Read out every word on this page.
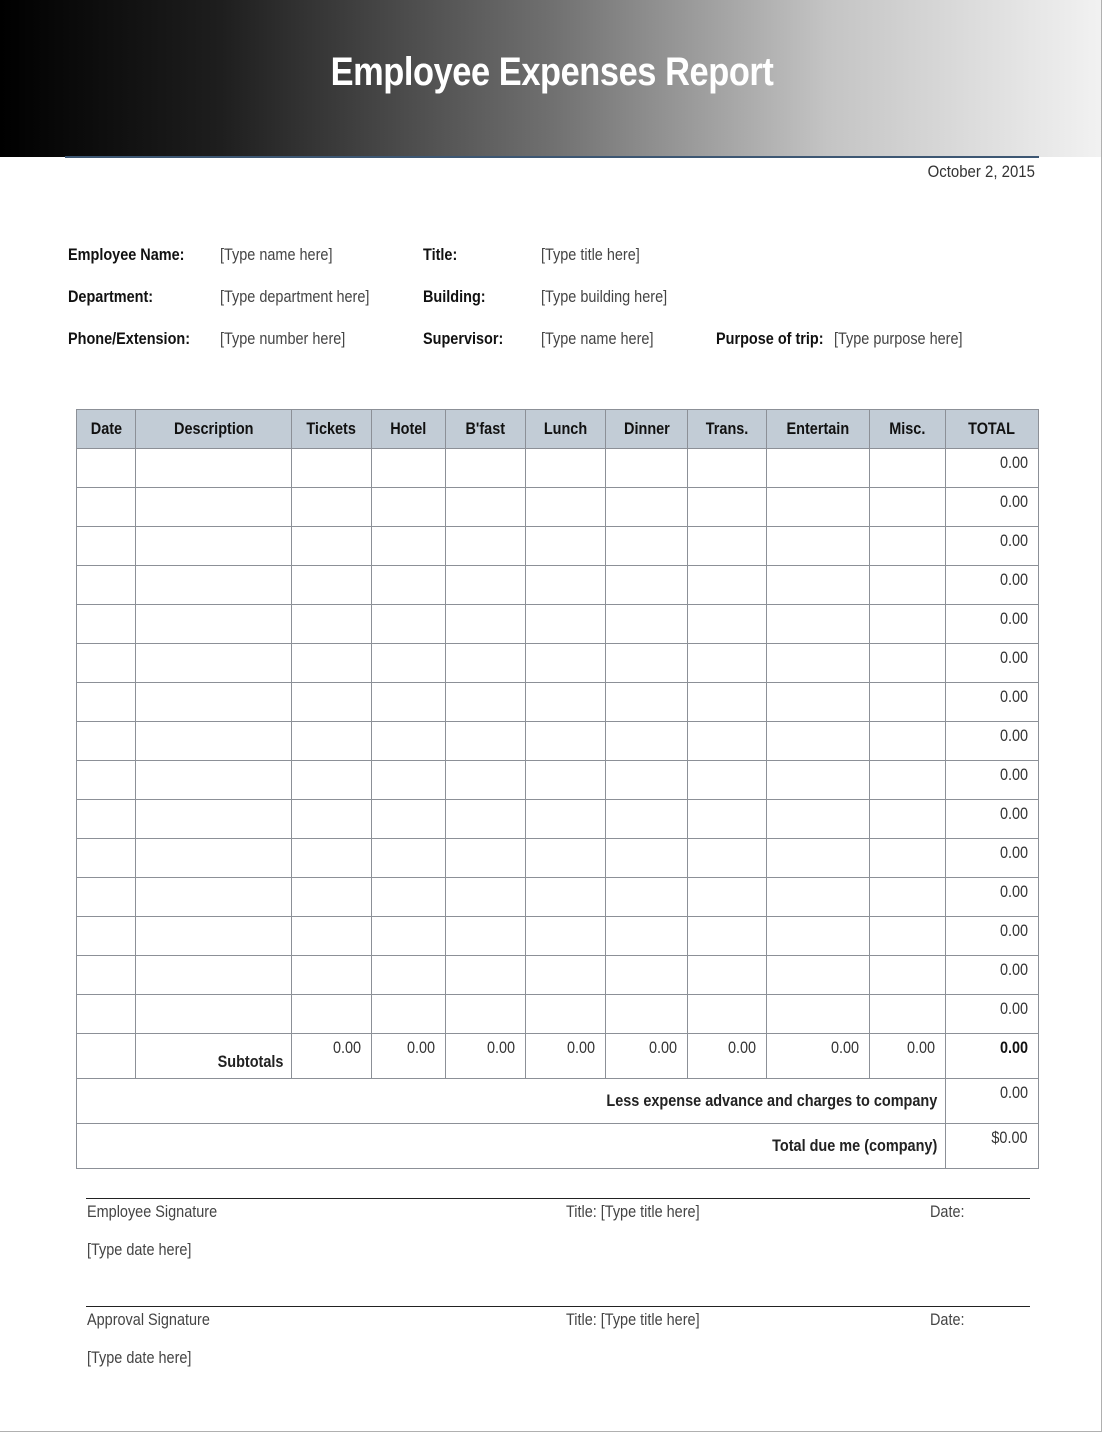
Employee Expenses Report
October 2, 2015
Employee Name: [Type name here]	Title:	[Type title here]
Department:	[Type department here]	Building:	[Type building here]
Phone/Extension: [Type number here]	Supervisor: [Type name here]	Purpose of trip: [Type purpose here]
Date	Description	Tickets	Hotel	B'fast	Lunch	Dinner	Trans.	Entertain	Misc.	TOTAL
										0.00
										0.00
										0.00
										0.00
										0.00
										0.00
										0.00
										0.00
										0.00
										0.00
										0.00
										0.00
										0.00
										0.00
										0.00
	Subtotals	0.00	0.00	0.00	0.00	0.00	0.00	0.00	0.00	0.00
Less expense advance and charges to company										0.00
Total due me (company)										$0.00
Employee Signature	Title: [Type title here]	Date:
[Type date here]
Approval Signature	Title: [Type title here]	Date:
[Type date here]
